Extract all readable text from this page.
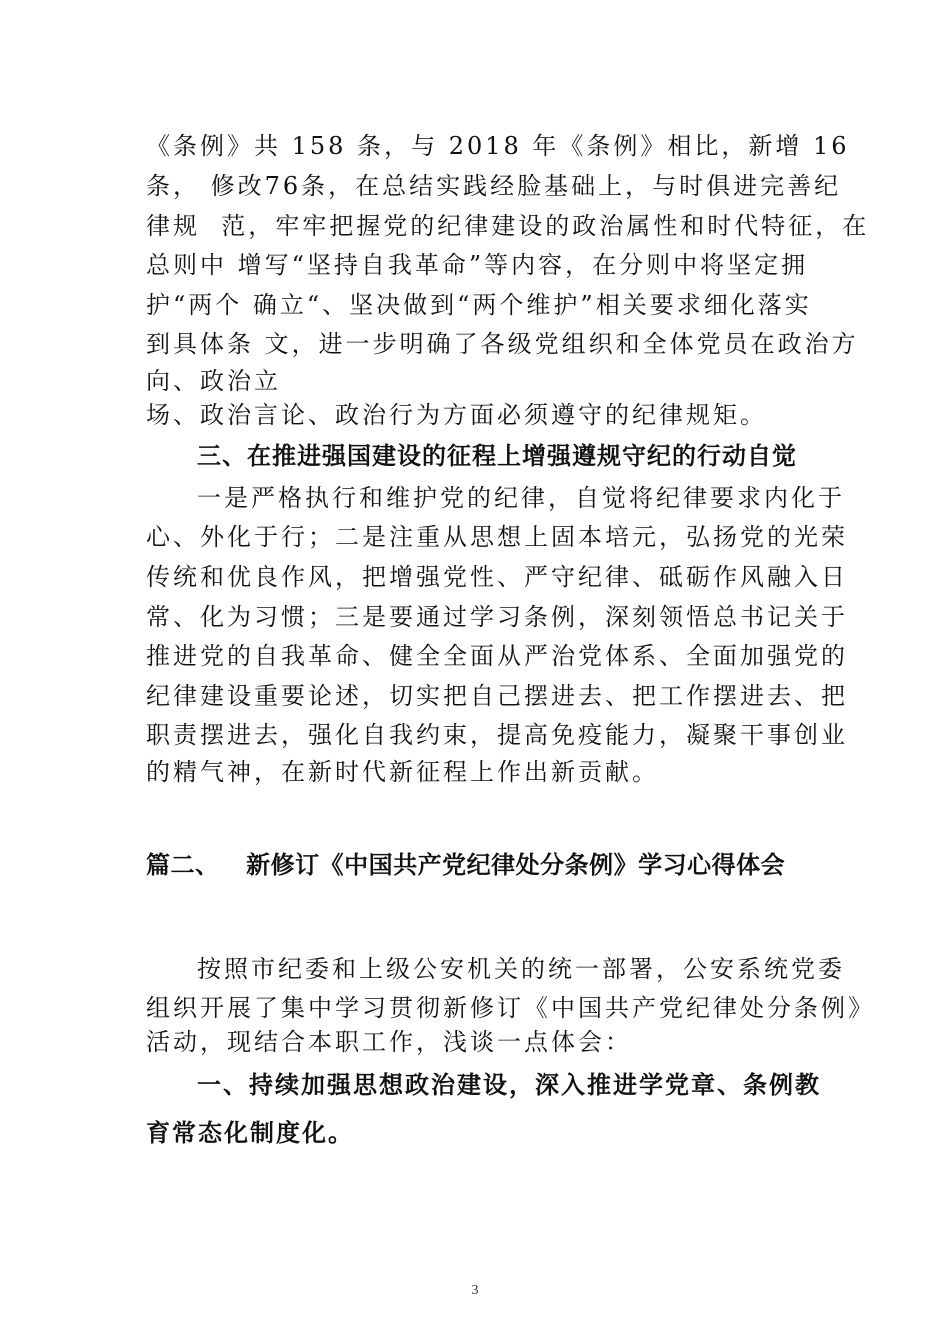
《条例》共 158 条，与 2018 年《条例》相比，新增 16
条， 修改76条，在总结实践经脸基础上，与时俱进完善纪
律规  范，牢牢把握党的纪律建设的政治属性和时代特征，在
总则中 增写“坚持自我革命”等内容，在分则中将坚定拥
护“两个 确立“、坚决做到“两个维护”相关要求细化落实
到具体条 文，进一步明确了各级党组织和全体党员在政治方
向、政治立
场、政治言论、政治行为方面必须遵守的纪律规矩。
三、在推进强国建设的征程上增强遵规守纪的行动自觉
一是严格执行和维护党的纪律，自觉将纪律要求内化于
心、外化于行；二是注重从思想上固本培元，弘扬党的光荣
传统和优良作风，把增强党性、严守纪律、砥砺作风融入日
常、化为习惯；三是要通过学习条例，深刻领悟总书记关于
推进党的自我革命、健全全面从严治党体系、全面加强党的
纪律建设重要论述，切实把自己摆进去、把工作摆进去、把
职责摆进去，强化自我约束，提高免疫能力，凝聚干事创业
的精气神，在新时代新征程上作出新贡献。
篇二、   新修订《中国共产党纪律处分条例》学习心得体会
按照市纪委和上级公安机关的统一部署，公安系统党委
组织开展了集中学习贯彻新修订《中国共产党纪律处分条例》
活动，现结合本职工作，浅谈一点体会：
一、持续加强思想政治建设，深入推进学党章、条例教
育常态化制度化。
3
